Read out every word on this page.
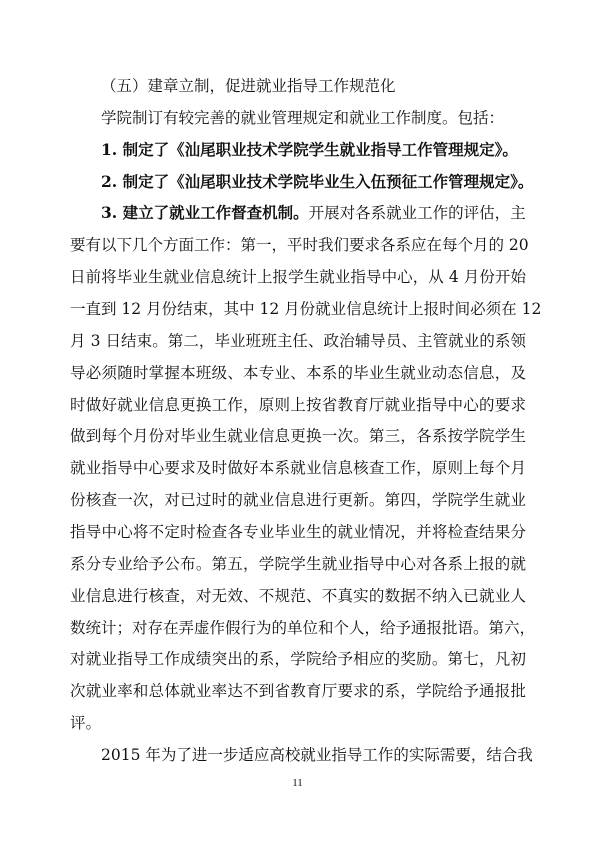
（五）建章立制，促进就业指导工作规范化
学院制订有较完善的就业管理规定和就业工作制度。包括：
1. 制定了《汕尾职业技术学院学生就业指导工作管理规定》。
2. 制定了《汕尾职业技术学院毕业生入伍预征工作管理规定》。
3. 建立了就业工作督查机制。开展对各系就业工作的评估，主
要有以下几个方面工作：第一，平时我们要求各系应在每个月的 20
日前将毕业生就业信息统计上报学生就业指导中心，从 4 月份开始
一直到 12 月份结束，其中 12 月份就业信息统计上报时间必须在 12
月 3 日结束。第二，毕业班班主任、政治辅导员、主管就业的系领
导必须随时掌握本班级、本专业、本系的毕业生就业动态信息，及
时做好就业信息更换工作，原则上按省教育厅就业指导中心的要求
做到每个月份对毕业生就业信息更换一次。第三，各系按学院学生
就业指导中心要求及时做好本系就业信息核查工作，原则上每个月
份核查一次，对已过时的就业信息进行更新。第四，学院学生就业
指导中心将不定时检查各专业毕业生的就业情况，并将检查结果分
系分专业给予公布。第五，学院学生就业指导中心对各系上报的就
业信息进行核查，对无效、不规范、不真实的数据不纳入已就业人
数统计；对存在弄虚作假行为的单位和个人，给予通报批语。第六，
对就业指导工作成绩突出的系，学院给予相应的奖励。第七，凡初
次就业率和总体就业率达不到省教育厅要求的系，学院给予通报批
评。
2015 年为了进一步适应高校就业指导工作的实际需要，结合我
11
